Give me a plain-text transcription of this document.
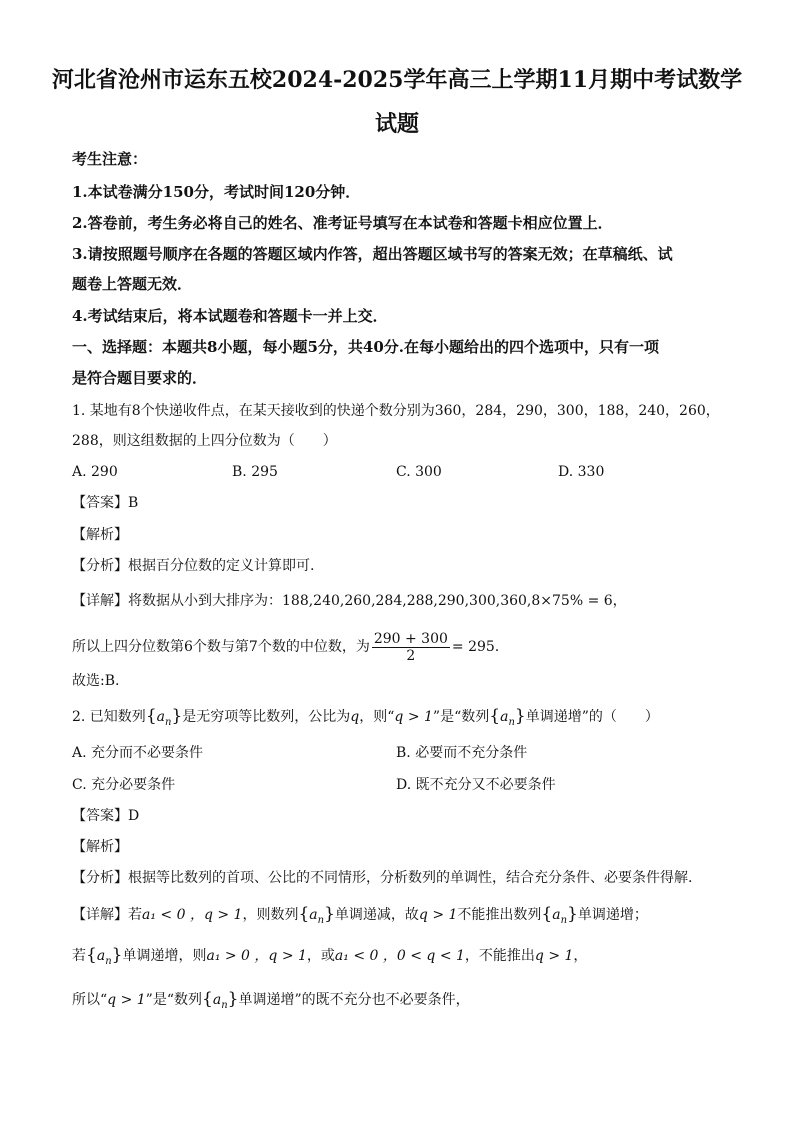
河北省沧州市运东五校2024-2025学年高三上学期11月期中考试数学
试题
考生注意：
1.本试卷满分150分，考试时间120分钟．
2.答卷前，考生务必将自己的姓名、准考证号填写在本试卷和答题卡相应位置上．
3.请按照题号顺序在各题的答题区域内作答，超出答题区域书写的答案无效；在草稿纸、试
题卷上答题无效．
4.考试结束后，将本试题卷和答题卡一并上交．
一、选择题：本题共8小题，每小题5分，共40分.在每小题给出的四个选项中，只有一项
是符合题目要求的．
1. 某地有8个快递收件点，在某天接收到的快递个数分别为360，284，290，300，188，240，260，
288，则这组数据的上四分位数为（　　）
A. 290	B. 295	C. 300	D. 330
【答案】B
【解析】
【分析】根据百分位数的定义计算即可.
【详解】将数据从小到大排序为：188,240,260,284,288,290,300,360,8×75% = 6，
所以上四分位数第6个数与第7个数的中位数，为 $\frac{290 + 300}{2} = 295$.
故选:B.
2. 已知数列$\{a_n\}$是无穷项等比数列，公比为q，则“q > 1”是“数列$\{a_n\}$单调递增”的（　　）
A. 充分而不必要条件	B. 必要而不充分条件
C. 充分必要条件	D. 既不充分又不必要条件
【答案】D
【解析】
【分析】根据等比数列的首项、公比的不同情形，分析数列的单调性，结合充分条件、必要条件得解.
【详解】若a₁ < 0 ，q > 1，则数列$\{a_n\}$单调递减，故q > 1不能推出数列$\{a_n\}$单调递增；
若$\{a_n\}$单调递增，则a₁ > 0 ，q > 1，或a₁ < 0 ，0 < q < 1，不能推出q > 1，
所以“q > 1”是“数列$\{a_n\}$单调递增”的既不充分也不必要条件，
